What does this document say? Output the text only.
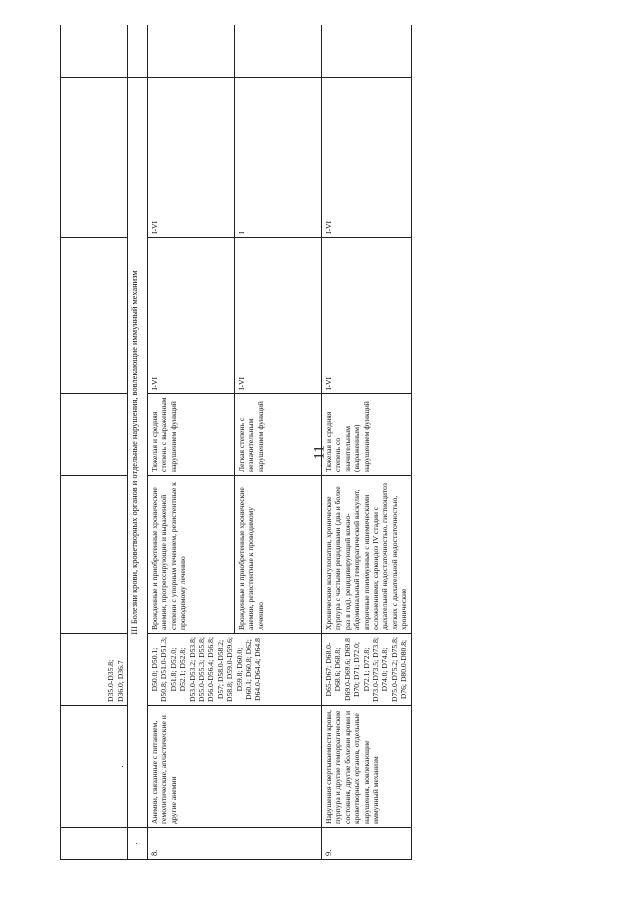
11
	.	D35.0-D35.8; D36.0; D36.7					

.	III Болезни крови, кроветворных органов и отдельные нарушения, вовлекающие иммунный механизм						
8.	Анемии, связанные с питанием, гемолитические, апластические и другие анемии	D50.0; D50.1; D50.8; D51.0-D51.3; D51.8; D52.0; D52.1; D52.8; D53.0-D53.2; D53.8; D55.0-D55.3; D55.8; D56.0-D56.4; D56.8; D57; D58.0-D58.2; D58.8; D59.0-D59.6; D59.8; D60.0; D60.1; D60.8; D62; D64.0-D64.4; D64.8	Врожденные и приобретенные хронические анемии, прогрессирующие и выраженной степени с упорным течением, резистентные к проводимому лечению	Тяжелая и средняя степень с выраженным нарушением функций	I-VI	I-VI	
			Врожденные и приобретенные хронические анемии, резистентные к проводимому лечению	Легкая степень с незначительным нарушением функций	I-VI	I	
9.	Нарушения свертываемости крови, пурпура и другие геморрагические состояния, другие болезни крови и кроветворных органов, отдельные нарушения, вовлекающие иммунный механизм	D65-D67; D68.0-D68.6; D68.8; D69.0-D69.6; D69.8 D70; D71; D72.0; D72.1; D72.8; D73.0-D73.5; D73.8; D74.0; D74.8; D75.0-D75.2; D75.8; D76; D80.0-D80.8;	Хронические коагулопатии, хронические пурпура с частыми рецидивами (два и более раз в год), рецидивирующий кожно-абдоминальный геморрагический васкулит, вторичные поиммунные с ишемическими осложнениями, саркоидоз IV стадии с дыхательной недостаточностью, гистиоцитоз легких с дыхательной недостаточностью, хронические	Тяжелая и средняя степень со значительным (выраженным) нарушением функций	I-VI	I-VI	
